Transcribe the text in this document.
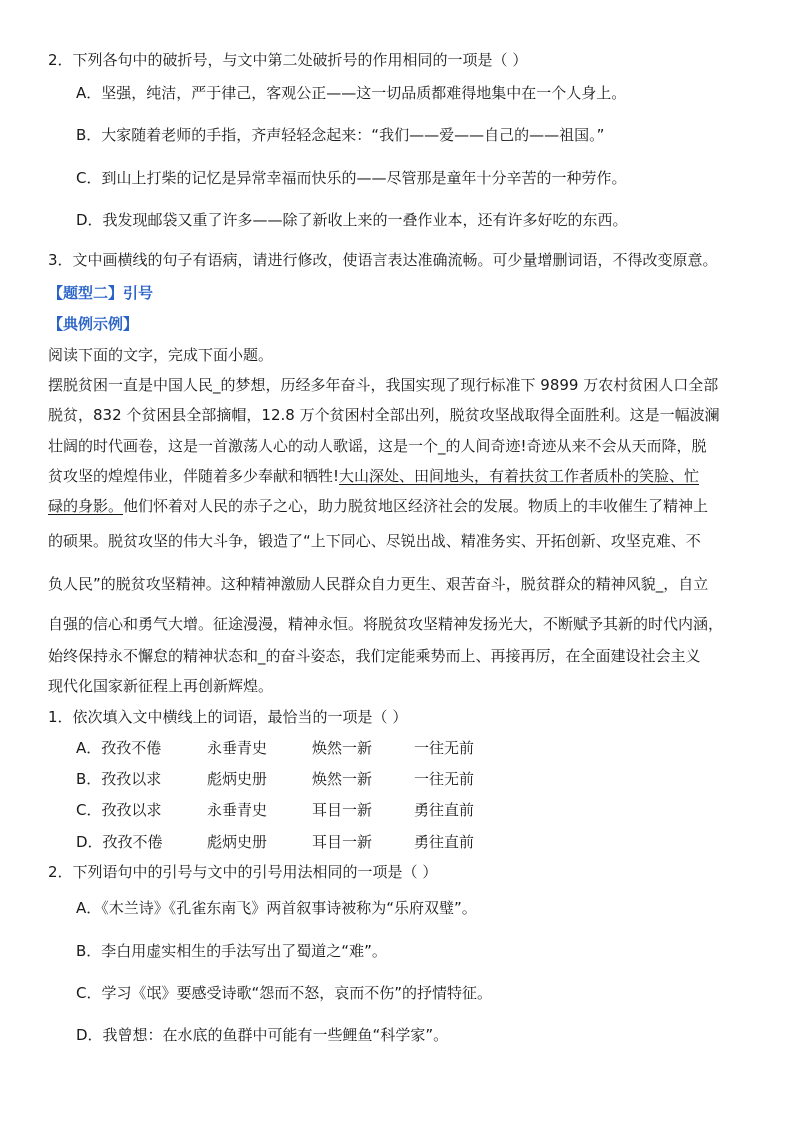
2．下列各句中的破折号，与文中第二处破折号的作用相同的一项是（ ）
A．坚强，纯洁，严于律己，客观公正——这一切品质都难得地集中在一个人身上。
B．大家随着老师的手指，齐声轻轻念起来：“我们——爱——自己的——祖国。”
C．到山上打柴的记忆是异常幸福而快乐的——尽管那是童年十分辛苦的一种劳作。
D．我发现邮袋又重了许多——除了新收上来的一叠作业本，还有许多好吃的东西。
3．文中画横线的句子有语病，请进行修改，使语言表达准确流畅。可少量增删词语，不得改变原意。
【题型二】引号
【典例示例】
阅读下面的文字，完成下面小题。
摆脱贫困一直是中国人民_的梦想，历经多年奋斗，我国实现了现行标准下 9899 万农村贫困人口全部
脱贫，832 个贫困县全部摘帽，12.8 万个贫困村全部出列，脱贫攻坚战取得全面胜利。这是一幅波澜
壮阔的时代画卷，这是一首激荡人心的动人歌谣，这是一个_的人间奇迹!奇迹从来不会从天而降，脱
贫攻坚的煌煌伟业，伴随着多少奉献和牺牲!大山深处、田间地头，有着扶贫工作者质朴的笑脸、忙
碌的身影。他们怀着对人民的赤子之心，助力脱贫地区经济社会的发展。物质上的丰收催生了精神上
的硕果。脱贫攻坚的伟大斗争，锻造了“上下同心、尽锐出战、精准务实、开拓创新、攻坚克难、不
负人民”的脱贫攻坚精神。这种精神激励人民群众自力更生、艰苦奋斗，脱贫群众的精神风貌_，自立
自强的信心和勇气大增。征途漫漫，精神永恒。将脱贫攻坚精神发扬光大，不断赋予其新的时代内涵，
始终保持永不懈怠的精神状态和_的奋斗姿态，我们定能乘势而上、再接再厉，在全面建设社会主义
现代化国家新征程上再创新辉煌。
1．依次填入文中横线上的词语，最恰当的一项是（ ）
A．孜孜不倦	永垂青史	焕然一新	一往无前
B．孜孜以求	彪炳史册	焕然一新	一往无前
C．孜孜以求	永垂青史	耳目一新	勇往直前
D．孜孜不倦	彪炳史册	耳目一新	勇往直前
2．下列语句中的引号与文中的引号用法相同的一项是（ ）
A．《木兰诗》《孔雀东南飞》两首叙事诗被称为“乐府双璧”。
B．李白用虚实相生的手法写出了蜀道之“难”。
C．学习《氓》要感受诗歌“怨而不怒，哀而不伤”的抒情特征。
D．我曾想：在水底的鱼群中可能有一些鲤鱼“科学家”。
